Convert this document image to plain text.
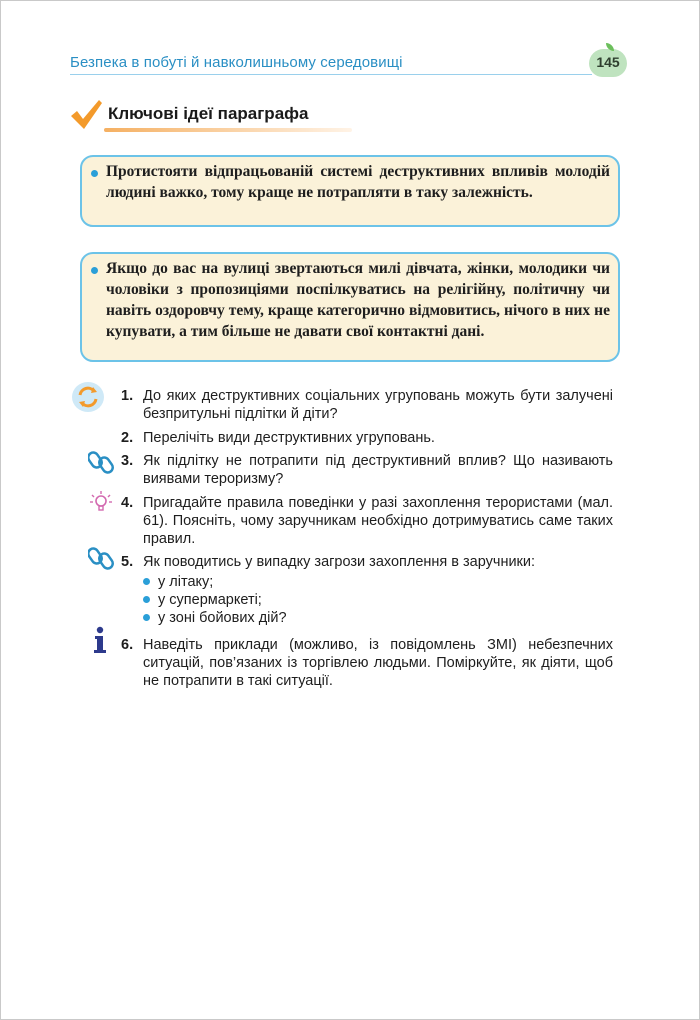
Безпека в побуті й навколишньому середовищі	145
Ключові ідеї параграфа
Протистояти відпрацьованій системі деструктивних впливів молодій людині важко, тому краще не потрапляти в таку залежність.
Якщо до вас на вулиці звертаються милі дівчата, жінки, молодики чи чоловіки з пропозиціями поспілкуватись на релігійну, політичну чи навіть оздоровчу тему, краще категорично відмовитись, нічого в них не купувати, а тим більше не давати свої контактні дані.
1. До яких деструктивних соціальних угруповань можуть бути залучені безпритульні підлітки й діти?
2. Перелічіть види деструктивних угруповань.
3. Як підлітку не потрапити під деструктивний вплив? Що називають виявами тероризму?
4. Пригадайте правила поведінки у разі захоплення терористами (мал. 61). Поясніть, чому заручникам необхідно дотримуватись саме таких правил.
5. Як поводитись у випадку загрози захоплення в заручники:
у літаку;
у супермаркеті;
у зоні бойових дій?
6. Наведіть приклади (можливо, із повідомлень ЗМІ) небезпечних ситуацій, пов’язаних із торгівлею людьми. Поміркуйте, як діяти, щоб не потрапити в такі ситуації.
